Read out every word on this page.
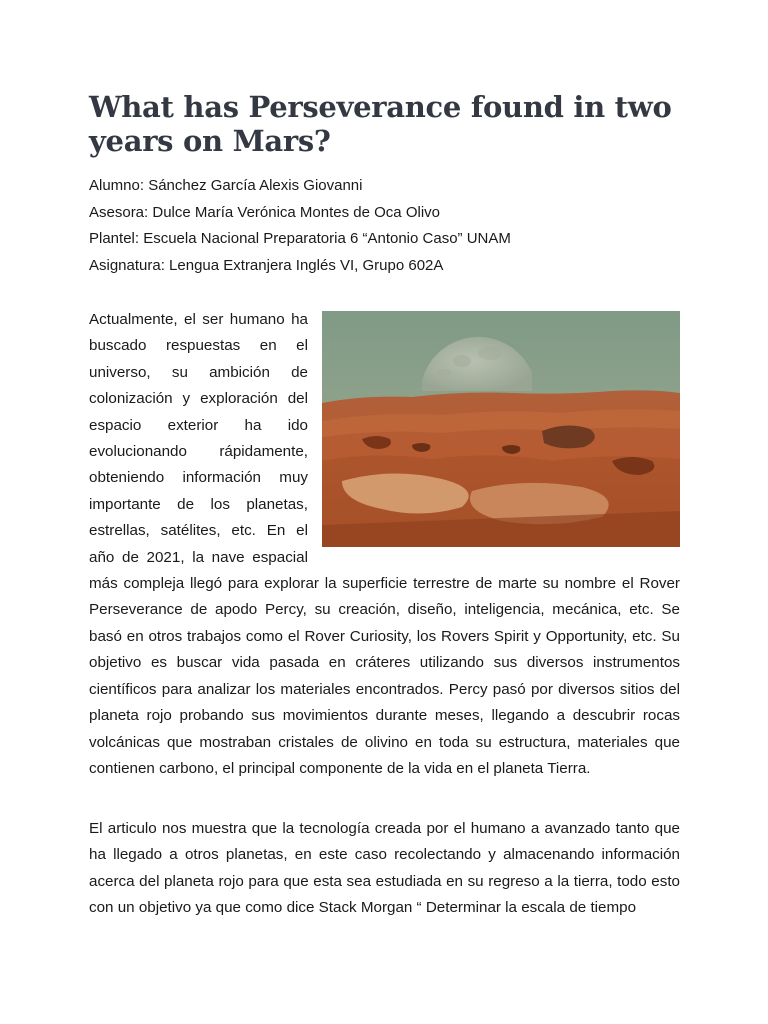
What has Perseverance found in two years on Mars?
Alumno: Sánchez García Alexis Giovanni
Asesora: Dulce María Verónica Montes de Oca Olivo
Plantel: Escuela Nacional Preparatoria 6 “Antonio Caso” UNAM
Asignatura: Lengua Extranjera Inglés VI, Grupo 602A
Actualmente, el ser humano ha buscado respuestas en el universo, su ambición de colonización y exploración del espacio exterior ha ido evolucionando rápidamente, obteniendo información muy importante de los planetas, estrellas, satélites, etc. En el año de 2021, la nave espacial más compleja llegó para explorar la superficie terrestre de marte su nombre el Rover Perseverance de apodo Percy, su creación, diseño, inteligencia, mecánica, etc. Se basó en otros trabajos como el Rover Curiosity, los Rovers Spirit y Opportunity, etc. Su objetivo es buscar vida pasada en cráteres utilizando sus diversos instrumentos científicos para analizar los materiales encontrados. Percy pasó por diversos sitios del planeta rojo probando sus movimientos durante meses, llegando a descubrir rocas volcánicas que mostraban cristales de olivino en toda su estructura, materiales que contienen carbono, el principal componente de la vida en el planeta Tierra.
El articulo nos muestra que la tecnología creada por el humano a avanzado tanto que
ha llegado a otros planetas, en este caso recolectando y almacenando información
acerca del planeta rojo para que esta sea estudiada en su regreso a la tierra, todo esto
con un objetivo ya que como dice Stack Morgan “ Determinar la escala de tiempo
